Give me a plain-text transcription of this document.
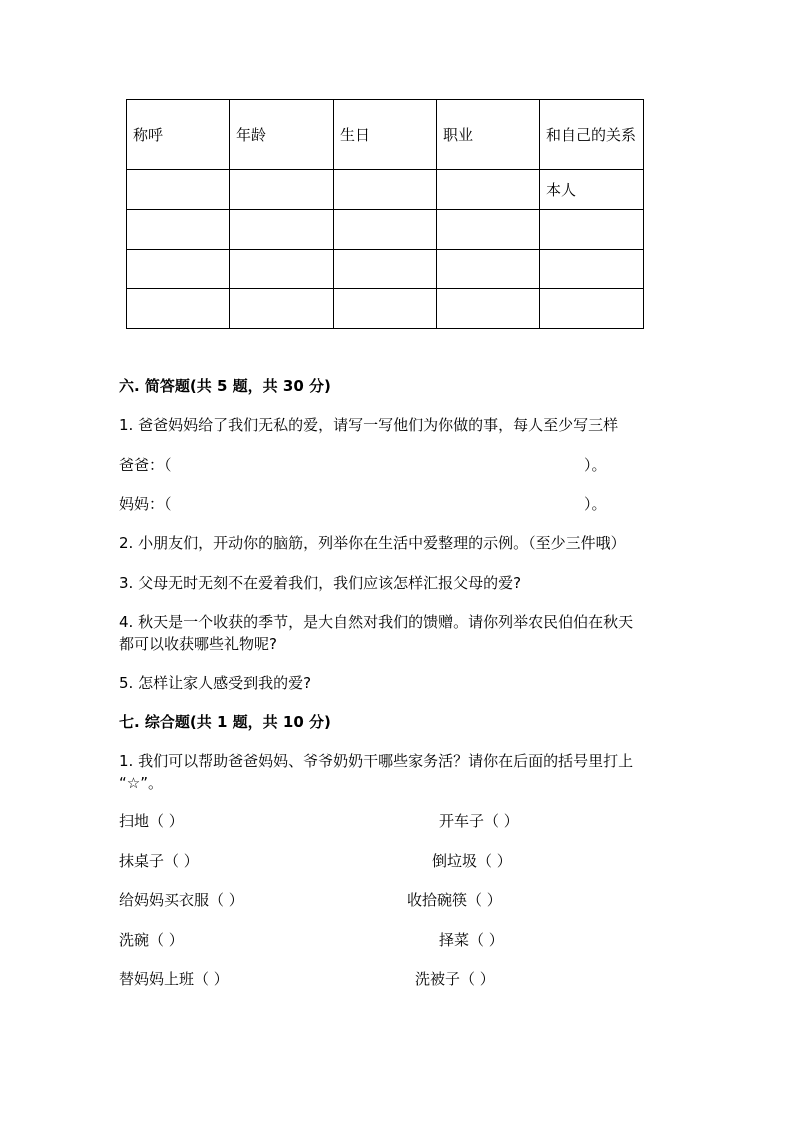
称呼	年龄	生日	职业	和自己的关系
				本人

六. 简答题(共 5 题，共 30 分)
1. 爸爸妈妈给了我们无私的爱，请写一写他们为你做的事，每人至少写三样
爸爸：（	）。
妈妈：（	）。
2. 小朋友们，开动你的脑筋，列举你在生活中爱整理的示例。（至少三件哦）
3. 父母无时无刻不在爱着我们，我们应该怎样汇报父母的爱?
4. 秋天是一个收获的季节，是大自然对我们的馈赠。请你列举农民伯伯在秋天
都可以收获哪些礼物呢?
5. 怎样让家人感受到我的爱?
七. 综合题(共 1 题，共 10 分)
1. 我们可以帮助爸爸妈妈、爷爷奶奶干哪些家务活？请你在后面的括号里打上
“☆”。
扫地（ ）	开车子（ ）
抹桌子（ ）	倒垃圾（ ）
给妈妈买衣服（ ）	收拾碗筷（ ）
洗碗（ ）	择菜（ ）
替妈妈上班（ ）	洗被子（ ）
